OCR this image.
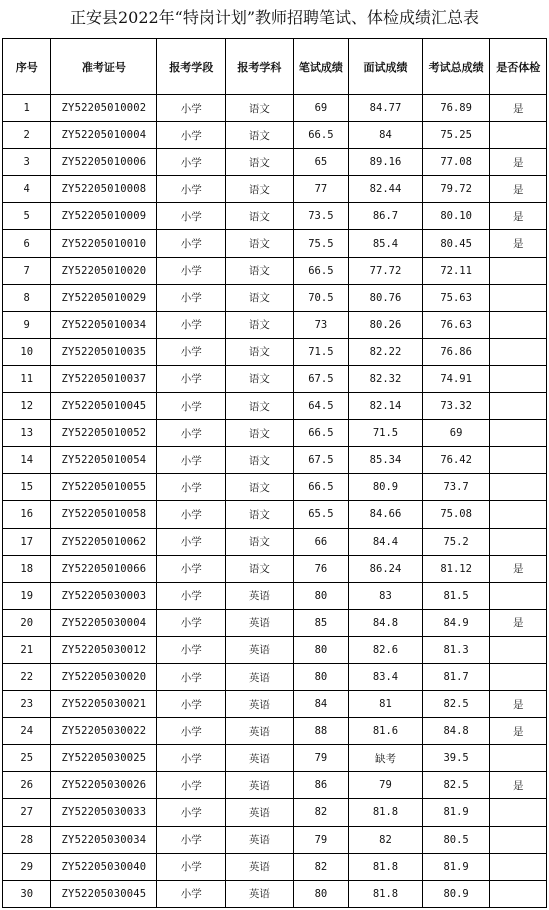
正安县2022年“特岗计划”教师招聘笔试、体检成绩汇总表
序号	准考证号	报考学段	报考学科	笔试成绩	面试成绩	考试总成绩	是否体检
1	ZY52205010002	小学	语文	69	84.77	76.89	是
2	ZY52205010004	小学	语文	66.5	84	75.25	
3	ZY52205010006	小学	语文	65	89.16	77.08	是
4	ZY52205010008	小学	语文	77	82.44	79.72	是
5	ZY52205010009	小学	语文	73.5	86.7	80.10	是
6	ZY52205010010	小学	语文	75.5	85.4	80.45	是
7	ZY52205010020	小学	语文	66.5	77.72	72.11	
8	ZY52205010029	小学	语文	70.5	80.76	75.63	
9	ZY52205010034	小学	语文	73	80.26	76.63	
10	ZY52205010035	小学	语文	71.5	82.22	76.86	
11	ZY52205010037	小学	语文	67.5	82.32	74.91	
12	ZY52205010045	小学	语文	64.5	82.14	73.32	
13	ZY52205010052	小学	语文	66.5	71.5	69	
14	ZY52205010054	小学	语文	67.5	85.34	76.42	
15	ZY52205010055	小学	语文	66.5	80.9	73.7	
16	ZY52205010058	小学	语文	65.5	84.66	75.08	
17	ZY52205010062	小学	语文	66	84.4	75.2	
18	ZY52205010066	小学	语文	76	86.24	81.12	是
19	ZY52205030003	小学	英语	80	83	81.5	
20	ZY52205030004	小学	英语	85	84.8	84.9	是
21	ZY52205030012	小学	英语	80	82.6	81.3	
22	ZY52205030020	小学	英语	80	83.4	81.7	
23	ZY52205030021	小学	英语	84	81	82.5	是
24	ZY52205030022	小学	英语	88	81.6	84.8	是
25	ZY52205030025	小学	英语	79	缺考	39.5	
26	ZY52205030026	小学	英语	86	79	82.5	是
27	ZY52205030033	小学	英语	82	81.8	81.9	
28	ZY52205030034	小学	英语	79	82	80.5	
29	ZY52205030040	小学	英语	82	81.8	81.9	
30	ZY52205030045	小学	英语	80	81.8	80.9	
